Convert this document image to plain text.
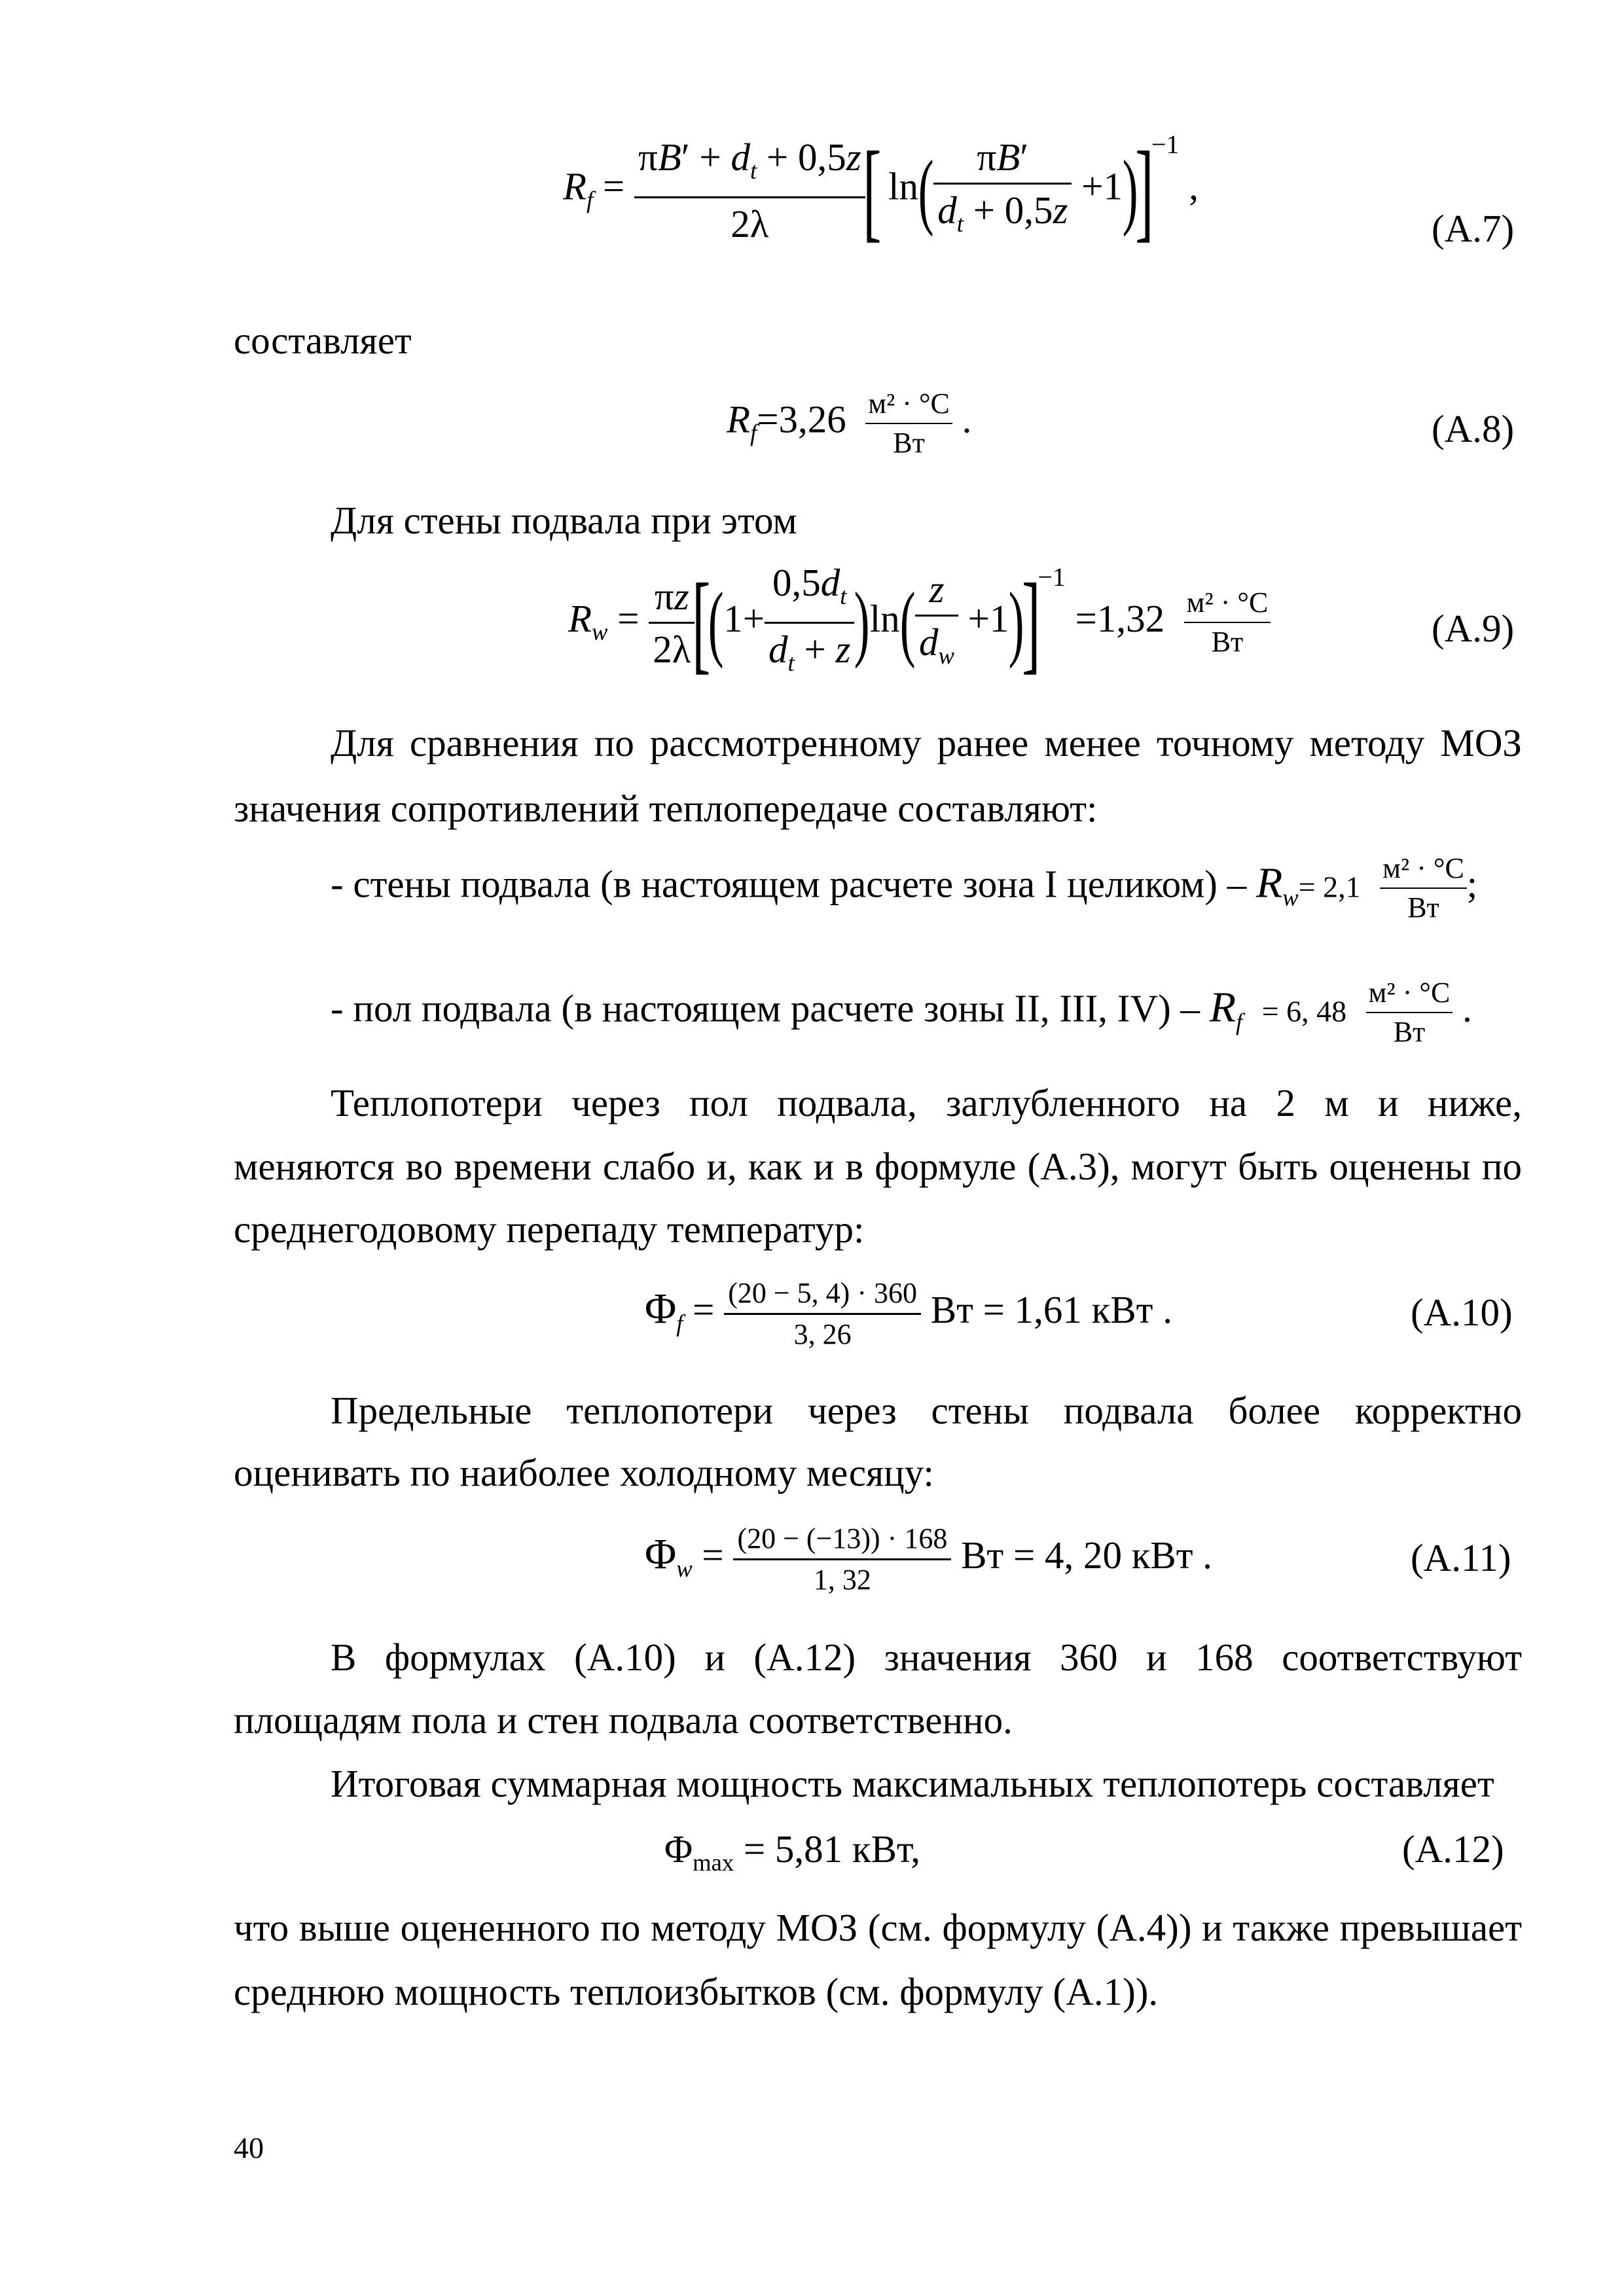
$R_f = \frac{\pi B' + d_t + 0,5z}{2\lambda}$
[ $\ln( \frac{\pi B'}{d_t + 0,5z} +1)]^{-1}$ ,
(А.7)
составляет
$R_f=3,26 \frac{\text{м² · °С}}{Вт}$ .	(А.8)
Для стены подвала при этом
$R_w = \frac{\pi z}{2\lambda}$
$[(1+ \frac{0,5d_t}{d_t + z} )\ln( \frac{z}{d_w} +1)]^{-1} =1,32 \frac{\text{м² · °С}}{Вт}$	(А.9)
Для сравнения по рассмотренному ранее менее точному методу МОЗ
значения сопротивлений теплопередаче составляют:
- стены подвала (в настоящем расчете зона I целиком) – $R_w= 2,1 \frac{\text{м² · °С}}{Вт}$ ;
- пол подвала (в настоящем расчете зоны II, III, $IV) - R_f = 6$, $48 \frac{\text{м² · °С}}{Вт}$ .
Теплопотери через пол подвала, заглубленного на 2 м и ниже,
меняются во времени слабо и, как и в формуле (А.3), могут быть оценены по
среднегодовому перепаду температур:
$\Phi_f = \frac{(20 - 5, 4) \cdot 360}{3, 26}$ Вт = 1,61 кВт .	(А.10)
Предельные теплопотери через стены подвала более корректно
оценивать по наиболее холодному месяцу:
$\Phi_w = \frac{(20 - (-13)) \cdot 168}{1, 32}$ Вт = 4, 20 кВт .	(А.11)
В формулах (А.10) и (А.12) значения 360 и 168 соответствуют
площадям пола и стен подвала соответственно.
Итоговая суммарная мощность максимальных теплопотерь составляет
$\Phi_{max} = 5,81$ кВт,	(А.12)
что выше оцененного по методу МОЗ (см. формулу (А.4)) и также превышает
среднюю мощность теплоизбытков (см. формулу (А.1)).
40
